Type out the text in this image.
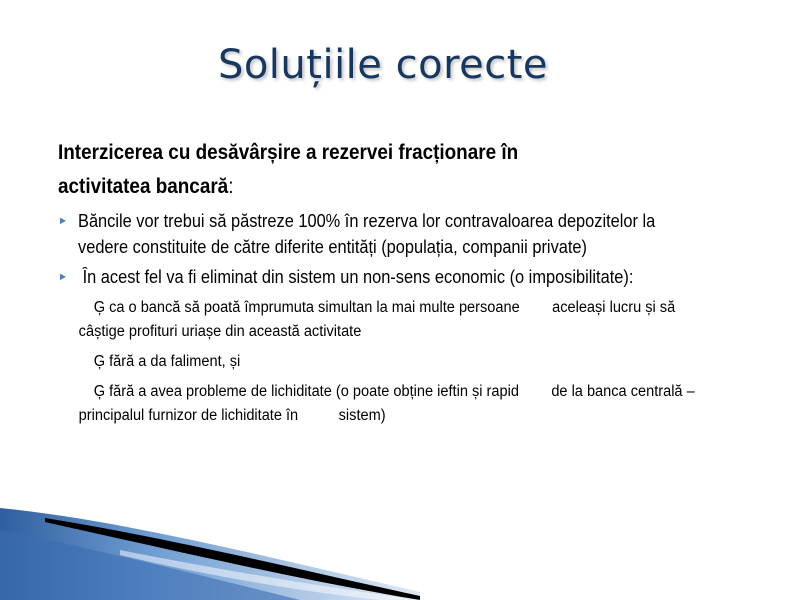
Soluțiile corecte

Interzicerea cu desăvârșire a rezervei fracționare în

activitatea bancară:

► Băncile vor trebui să păstreze 100% în rezerva lor contravaloarea depozitelor la vedere constituite de către diferite entități (populația, companii private)
► În acest fel va fi eliminat din sistem un non-sens economic (o imposibilitate):
Ģ ca o bancă să poată împrumuta simultan la mai multe persoane        aceleași lucru și să câștige profituri uriașe din această activitate
Ģ fără a da faliment, și
Ģ fără a avea probleme de lichiditate (o poate obține ieftin și rapid        de la banca centrală – principalul furnizor de lichiditate în          sistem)
